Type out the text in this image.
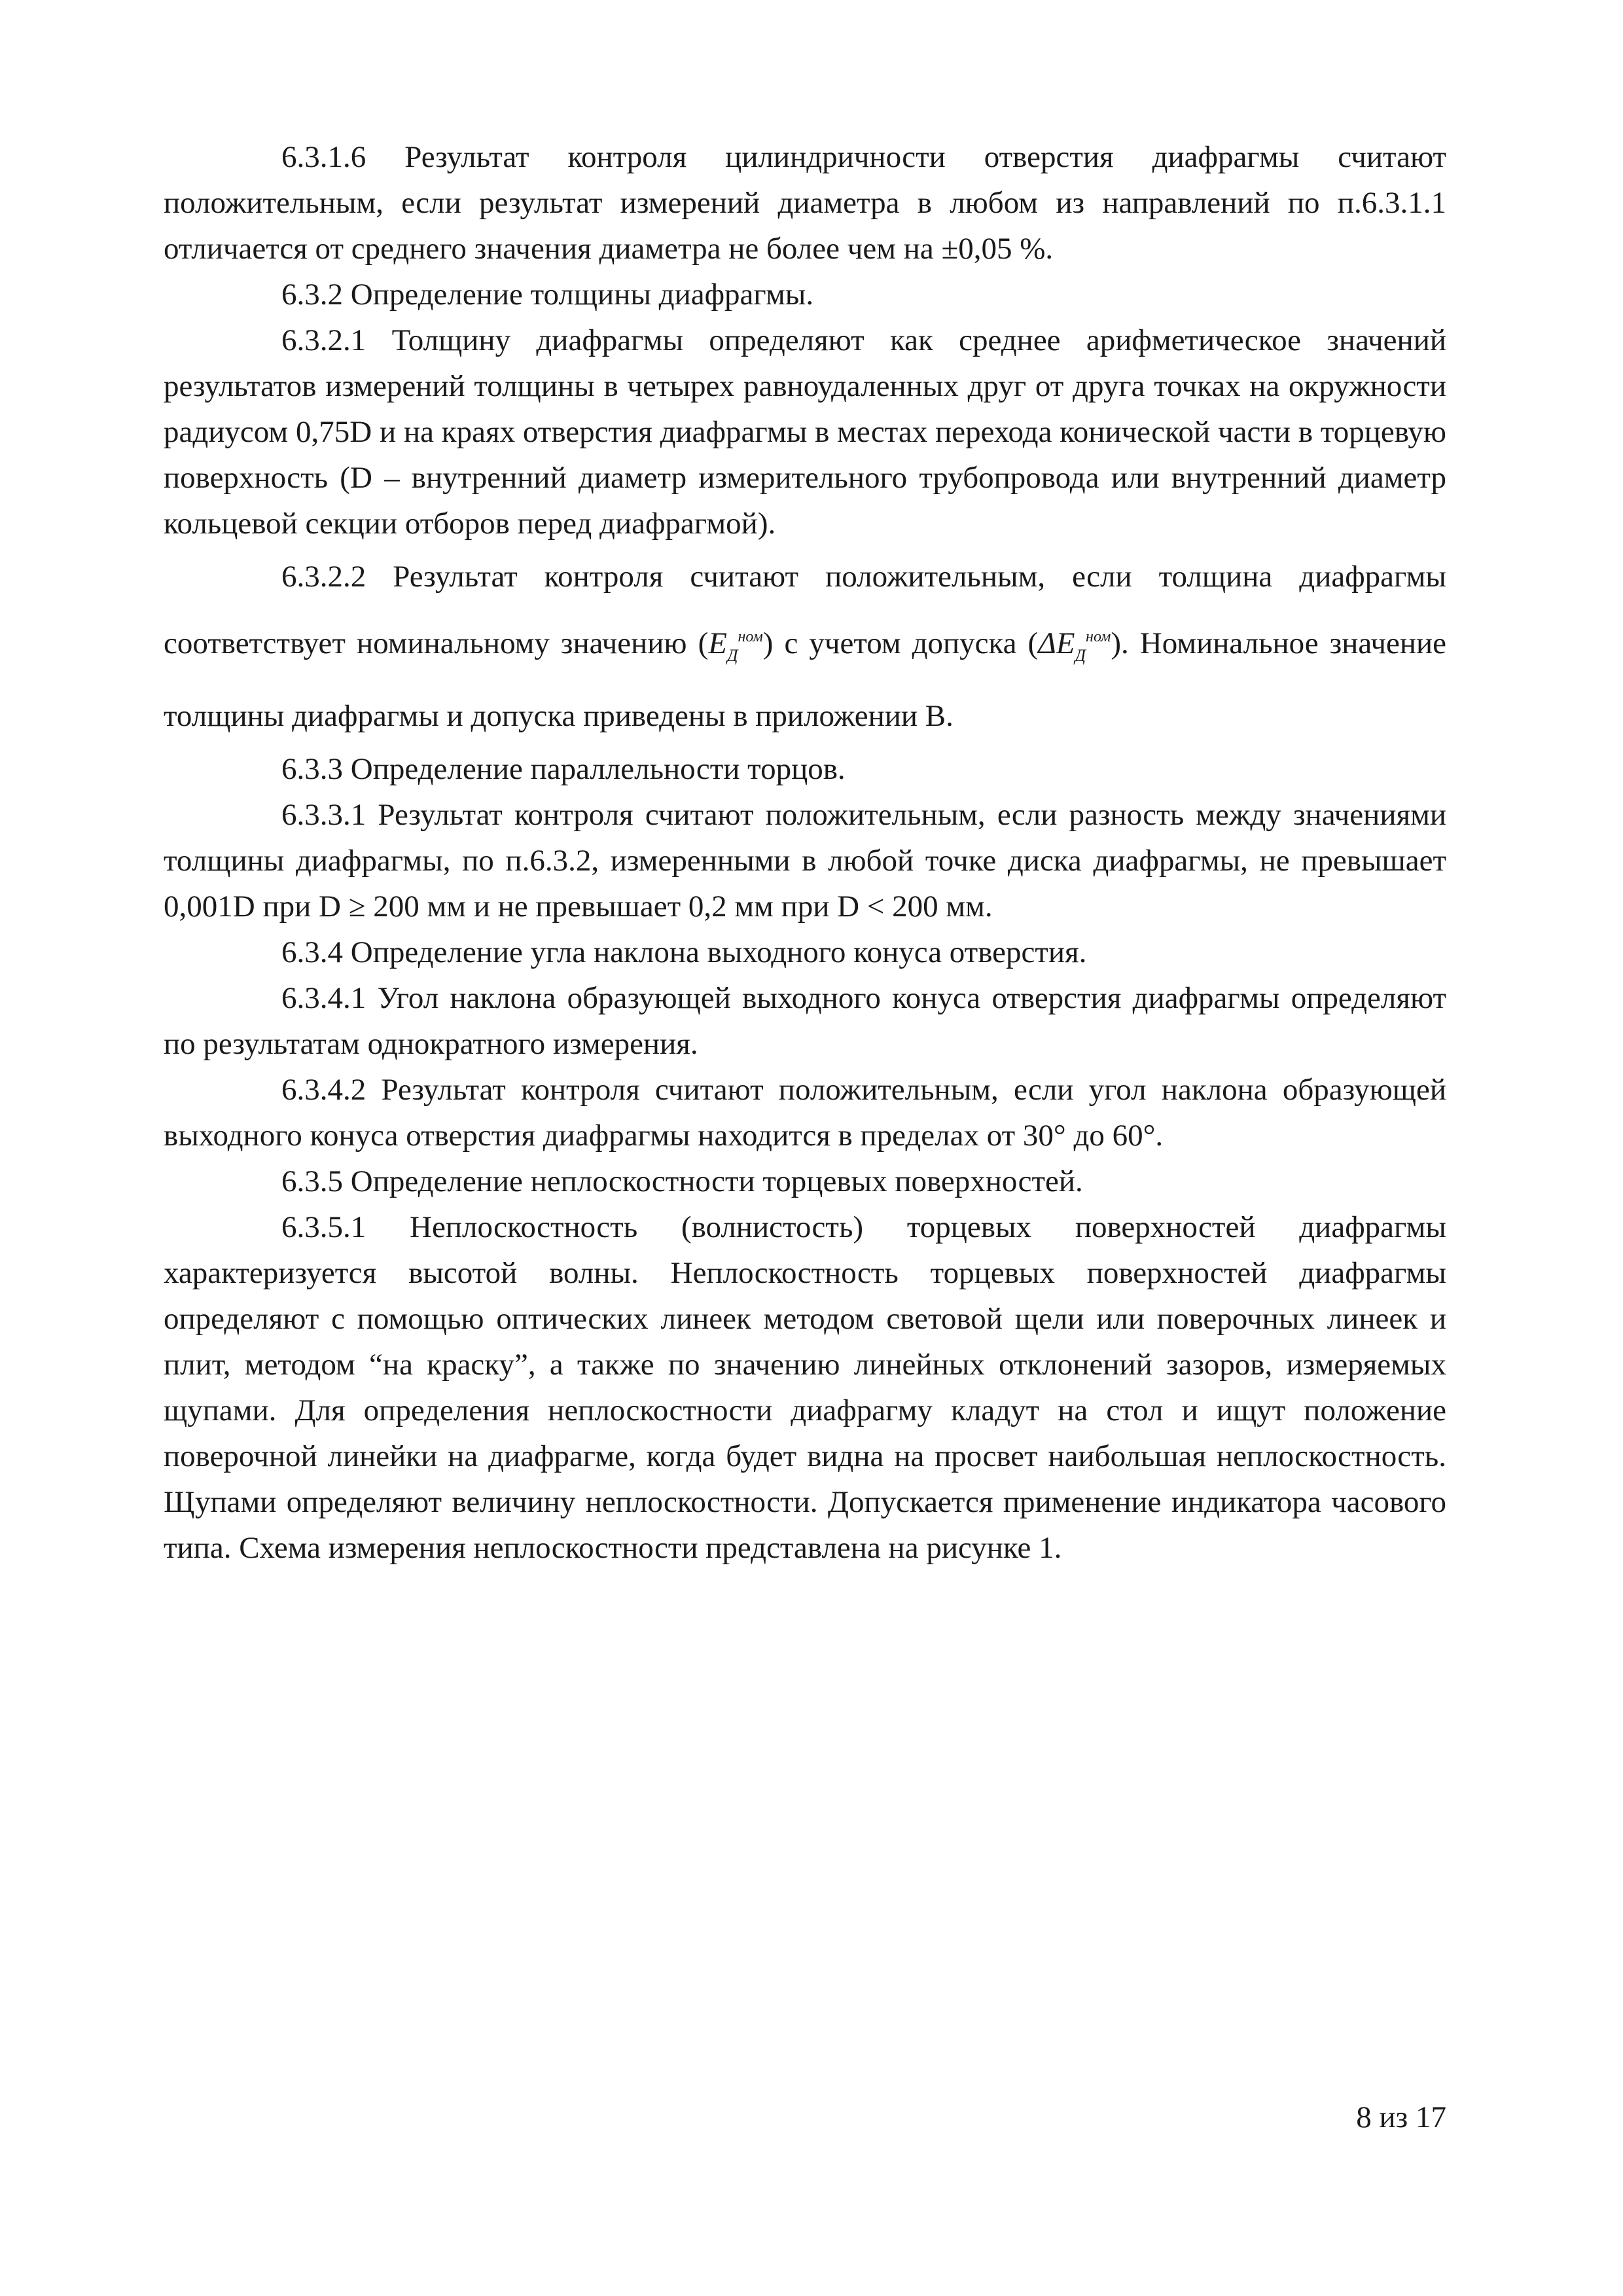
6.3.1.6 Результат контроля цилиндричности отверстия диафрагмы считают положительным, если результат измерений диаметра в любом из направлений по п.6.3.1.1 отличается от среднего значения диаметра не более чем на ±0,05 %.

6.3.2 Определение толщины диафрагмы.

6.3.2.1 Толщину диафрагмы определяют как среднее арифметическое значений результатов измерений толщины в четырех равноудаленных друг от друга точках на окружности радиусом 0,75D и на краях отверстия диафрагмы в местах перехода конической части в торцевую поверхность (D – внутренний диаметр измерительного трубопровода или внутренний диаметр кольцевой секции отборов перед диафрагмой).

6.3.2.2 Результат контроля считают положительным, если толщина диафрагмы соответствует номинальному значению $(E_Д^{ном})$ с учетом допуска $(\Delta E_Д^{ном})$. Номинальное значение толщины диафрагмы и допуска приведены в приложении В.

6.3.3 Определение параллельности торцов.

6.3.3.1 Результат контроля считают положительным, если разность между значениями толщины диафрагмы, по п.6.3.2, измеренными в любой точке диска диафрагмы, не превышает 0,001D при D ≥ 200 мм и не превышает 0,2 мм при D < 200 мм.

6.3.4 Определение угла наклона выходного конуса отверстия.

6.3.4.1 Угол наклона образующей выходного конуса отверстия диафрагмы определяют по результатам однократного измерения.

6.3.4.2 Результат контроля считают положительным, если угол наклона образующей выходного конуса отверстия диафрагмы находится в пределах от 30° до 60°.

6.3.5 Определение неплоскостности торцевых поверхностей.

6.3.5.1 Неплоскостность (волнистость) торцевых поверхностей диафрагмы характеризуется высотой волны. Неплоскостность торцевых поверхностей диафрагмы определяют с помощью оптических линеек методом световой щели или поверочных линеек и плит, методом “на краску”, а также по значению линейных отклонений зазоров, измеряемых щупами. Для определения неплоскостности диафрагму кладут на стол и ищут положение поверочной линейки на диафрагме, когда будет видна на просвет наибольшая неплоскостность. Щупами определяют величину неплоскостности. Допускается применение индикатора часового типа. Схема измерения неплоскостности представлена на рисунке 1.

8 из 17
